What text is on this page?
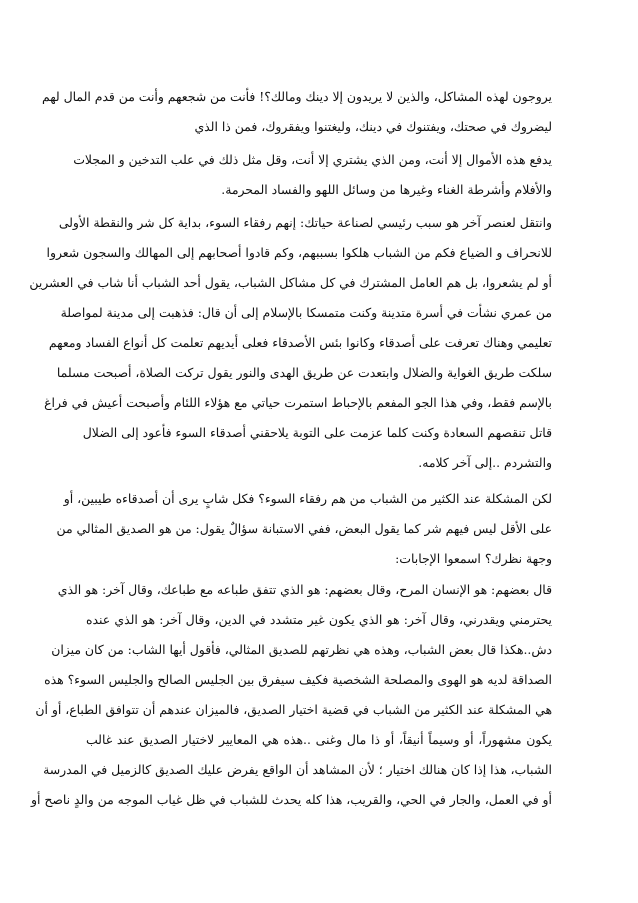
يروجون لهذه المشاكل، والذين لا يريدون إلا دينك ومالك؟! فأنت من شجعهم وأنت من قدم المال لهم
ليضروك في صحتك، ويفتنوك في دينك، وليغتنوا ويفقروك، فمن ذا الذي
يدفع هذه الأموال إلا أنت، ومن الذي يشتري إلا أنت، وقل مثل ذلك في علب التدخين و المجلات
والأفلام وأشرطة الغناء وغيرها من وسائل اللهو والفساد المحرمة.
وانتقل لعنصر آخر هو سبب رئيسي لصناعة حياتك: إنهم رفقاء السوء، بداية كل شر والنقطة الأولى
للانحراف و الضياع فكم من الشباب هلكوا بسببهم، وكم قادوا أصحابهم إلى المهالك والسجون شعروا
أو لم يشعروا، بل هم العامل المشترك في كل مشاكل الشباب، يقول أحد الشباب أنا شاب في العشرين
من عمري نشأت في أسرة متدينة وكنت متمسكا بالإسلام إلى أن قال: فذهبت إلى مدينة لمواصلة
تعليمي وهناك تعرفت على أصدقاء وكانوا بئس الأصدقاء فعلى أيديهم تعلمت كل أنواع الفساد ومعهم
سلكت طريق الغواية والضلال وابتعدت عن طريق الهدى والنور يقول تركت الصلاة، أصبحت مسلما
بالإسم فقط، وفي هذا الجو المفعم بالإحباط استمرت حياتي مع هؤلاء اللئام وأصبحت أعيش في فراغ
قاتل تنقصهم السعادة وكنت كلما عزمت على التوبة يلاحقني أصدقاء السوء فأعود إلى الضلال
والتشردم ..إلى آخر كلامه.
لكن المشكلة عند الكثير من الشباب من هم رفقاء السوء؟ فكل شابٍ يرى أن أصدقاءه طيبين، أو
على الأقل ليس فيهم شر كما يقول البعض، ففي الاستبانة سؤالٌ يقول: من هو الصديق المثالي من
وجهة نظرك؟ اسمعوا الإجابات:
قال بعضهم: هو الإنسان المرح، وقال بعضهم: هو الذي تتفق طباعه مع طباعك، وقال آخر: هو الذي
يحترمني ويقدرني، وقال آخر: هو الذي يكون غير متشدد في الدين، وقال آخر: هو الذي عنده
دش..هكذا قال بعض الشباب، وهذه هي نظرتهم للصديق المثالي، فأقول أيها الشاب: من كان ميزان
الصداقة لديه هو الهوى والمصلحة الشخصية فكيف سيفرق بين الجليس الصالح والجليس السوء؟ هذه
هي المشكلة عند الكثير من الشباب في قضية اختيار الصديق، فالميزان عندهم أن تتوافق الطباع، أو أن
يكون مشهوراً، أو وسيماً أنيقاً، أو ذا مال وغنى ..هذه هي المعايير لاختيار الصديق عند غالب
الشباب، هذا إذا كان هنالك اختيار ؛ لأن المشاهد أن الواقع يفرض عليك الصديق كالزميل في المدرسة
أو في العمل، والجار في الحي، والقريب، هذا كله يحدث للشباب في ظل غياب الموجه من والدٍ ناصح أو
